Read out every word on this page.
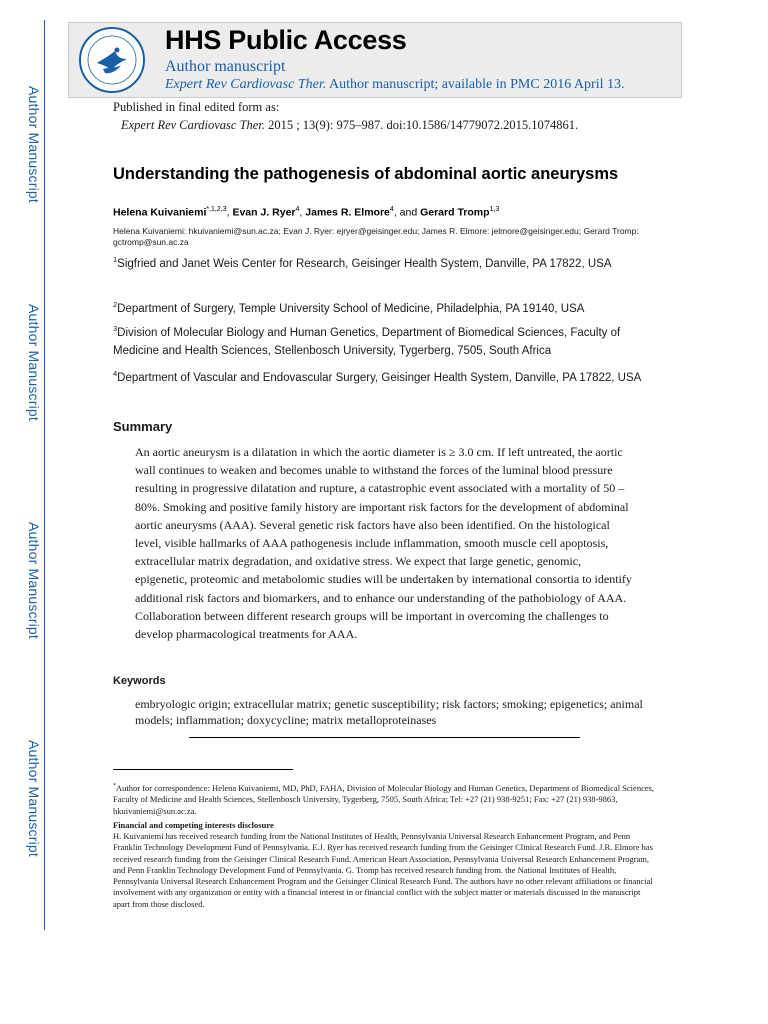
Author Manuscript
Author Manuscript
Author Manuscript
Author Manuscript
HHS Public Access
Author manuscript
Expert Rev Cardiovasc Ther. Author manuscript; available in PMC 2016 April 13.
Published in final edited form as:
Expert Rev Cardiovasc Ther. 2015 ; 13(9): 975–987. doi:10.1586/14779072.2015.1074861.
Understanding the pathogenesis of abdominal aortic aneurysms
Helena Kuivaniemi$^{*,1,2,3}$, Evan J. Ryer$^4$, James R. Elmore$^4$, and Gerard Tromp$^{1,3}$
Helena Kuivaniemi: hkuivaniemi@sun.ac.za; Evan J. Ryer: ejryer@geisinger.edu; James R. Elmore: jelmore@geisinger.edu; Gerard Tromp: gctromp@sun.ac.za
$^1$Sigfried and Janet Weis Center for Research, Geisinger Health System, Danville, PA 17822, USA
$^2$Department of Surgery, Temple University School of Medicine, Philadelphia, PA 19140, USA
$^3$Division of Molecular Biology and Human Genetics, Department of Biomedical Sciences, Faculty of Medicine and Health Sciences, Stellenbosch University, Tygerberg, 7505, South Africa
$^4$Department of Vascular and Endovascular Surgery, Geisinger Health System, Danville, PA 17822, USA
Summary
An aortic aneurysm is a dilatation in which the aortic diameter is ≥ 3.0 cm. If left untreated, the aortic wall continues to weaken and becomes unable to withstand the forces of the luminal blood pressure resulting in progressive dilatation and rupture, a catastrophic event associated with a mortality of 50 – 80%. Smoking and positive family history are important risk factors for the development of abdominal aortic aneurysms (AAA). Several genetic risk factors have also been identified. On the histological level, visible hallmarks of AAA pathogenesis include inflammation, smooth muscle cell apoptosis, extracellular matrix degradation, and oxidative stress. We expect that large genetic, genomic, epigenetic, proteomic and metabolomic studies will be undertaken by international consortia to identify additional risk factors and biomarkers, and to enhance our understanding of the pathobiology of AAA. Collaboration between different research groups will be important in overcoming the challenges to develop pharmacological treatments for AAA.
Keywords
embryologic origin; extracellular matrix; genetic susceptibility; risk factors; smoking; epigenetics; animal models; inflammation; doxycycline; matrix metalloproteinases
*Author for correspondence: Helena Kuivaniemi, MD, PhD, FAHA, Division of Molecular Biology and Human Genetics, Department of Biomedical Sciences, Faculty of Medicine and Health Sciences, Stellenbosch University, Tygerberg, 7505, South Africa; Tel: +27 (21) 938-9251; Fax: +27 (21) 938-9863, hkuivaniemi@sun.ac.za.
Financial and competing interests disclosure
H. Kuivaniemi has received research funding from the National Institutes of Health, Pennsylvania Universal Research Enhancement Program, and Penn Franklin Technology Development Fund of Pennsylvania. E.J. Ryer has received research funding from the Geisinger Clinical Research Fund. J.R. Elmore has received research funding from the Geisinger Clinical Research Fund, American Heart Association, Pennsylvania Universal Research Enhancement Program, and Penn Franklin Technology Development Fund of Pennsylvania. G. Tromp has received research funding from. the National Institutes of Health, Pennsylvania Universal Research Enhancement Program and the Geisinger Clinical Research Fund. The authors have no other relevant affiliations or financial involvement with any organization or entity with a financial interest in or financial conflict with the subject matter or materials discussed in the manuscript apart from those disclosed.
